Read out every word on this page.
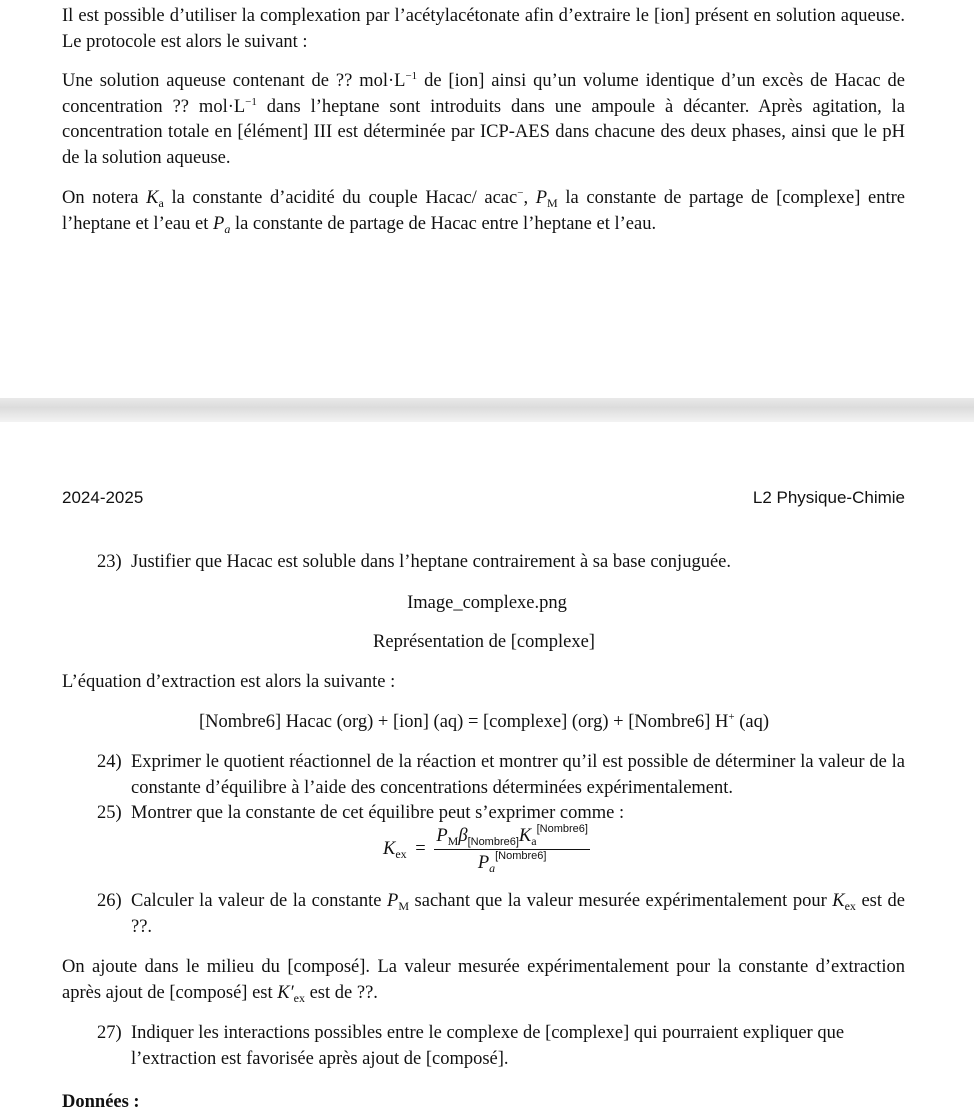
Il est possible d’utiliser la complexation par l’acétylacétonate afin d’extraire le [ion] présent en solution aqueuse. Le protocole est alors le suivant :

Une solution aqueuse contenant de ?? $mol\cdot L^{-1}$ de [ion] ainsi qu’un volume identique d’un excès de Hacac de concentration ?? $mol\cdot L^{-1}$ dans l’heptane sont introduits dans une ampoule à décanter. Après agitation, la concentration totale en [élément] III est déterminée par ICP-AES dans chacune des deux phases, ainsi que le pH de la solution aqueuse.

On notera $K_a$ la constante d’acidité du couple Hacac/ acac−, $P_M$ la constante de partage de [complexe] entre l’heptane et l’eau et $P_a$ la constante de partage de Hacac entre l’heptane et l’eau.

2024-2025	L2 Physique-Chimie
23) Justifier que Hacac est soluble dans l’heptane contrairement à sa base conjuguée.
Image_complexe.png
Représentation de [complexe]
L’équation d’extraction est alors la suivante :
[Nombre6] Hacac (org) + [ion] (aq) = [complexe] (org) + [Nombre6] H+ (aq)
24) Exprimer le quotient réactionnel de la réaction et montrer qu’il est possible de déterminer la valeur de la constante d’équilibre à l’aide des concentrations déterminées expérimentalement.
25) Montrer que la constante de cet équilibre peut s’exprimer comme :
$K_{ex} = \frac{P_M\beta_{[Nombre6]}K_a^{[Nombre6]}}{P_a^{[Nombre6]}}$
26) Calculer la valeur de la constante $P_M$ sachant que la valeur mesurée expérimentalement pour $K_{ex}$ est de ??.

On ajoute dans le milieu du [composé]. La valeur mesurée expérimentalement pour la constante d’extraction après ajout de [composé] est $K'_{ex}$ est de ??.

27) Indiquer les interactions possibles entre le complexe de [complexe] qui pourraient expliquer que l’extraction est favorisée après ajout de [composé].
Données :
